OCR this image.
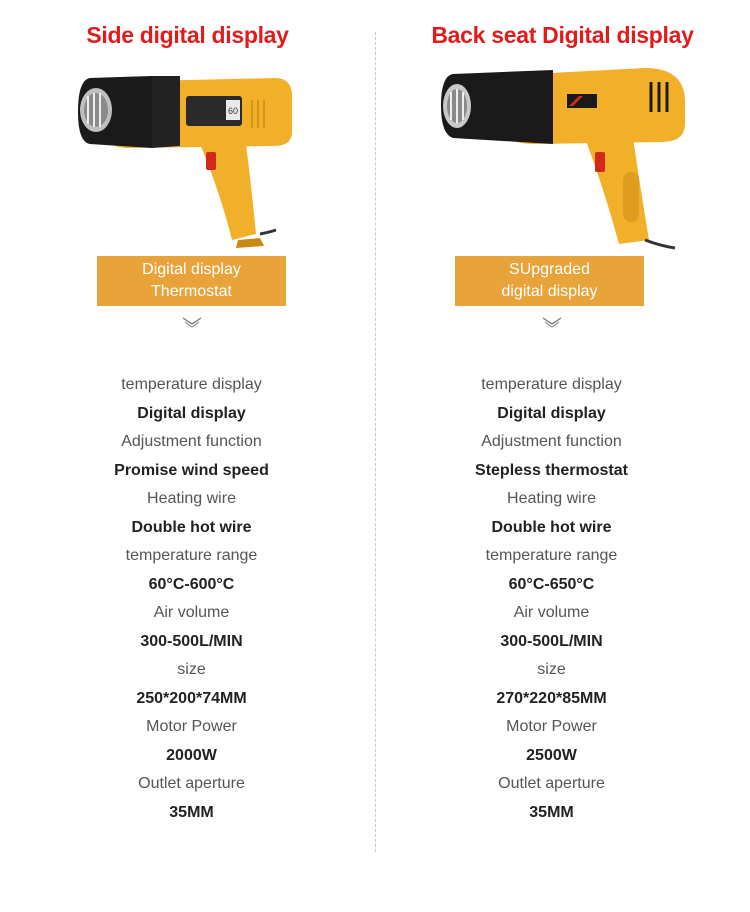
Side digital display
60
Digital display
Thermostat
temperature display
Digital display
Adjustment function
Promise wind speed
Heating wire
Double hot wire
temperature range
60°C-600°C
Air volume
300-500L/MIN
size
250*200*74MM
Motor Power
2000W
Outlet aperture
35MM
Back seat Digital display
SUpgraded
digital display
temperature display
Digital display
Adjustment function
Stepless thermostat
Heating wire
Double hot wire
temperature range
60°C-650°C
Air volume
300-500L/MIN
size
270*220*85MM
Motor Power
2500W
Outlet aperture
35MM
